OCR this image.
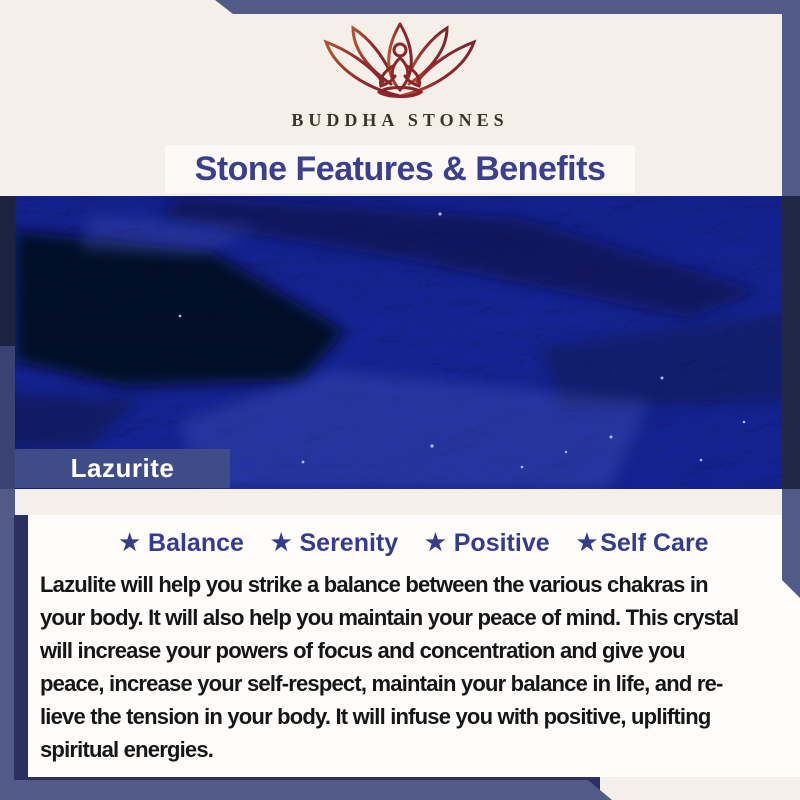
BUDDHA STONES
Stone Features & Benefits
Lazurite
★ Balance ★ Serenity ★ Positive ★ Self Care
Lazulite will help you strike a balance between the various chakras in
your body. It will also help you maintain your peace of mind. This crystal
will increase your powers of focus and concentration and give you
peace, increase your self-respect, maintain your balance in life, and re-
lieve the tension in your body. It will infuse you with positive, uplifting
spiritual energies.
